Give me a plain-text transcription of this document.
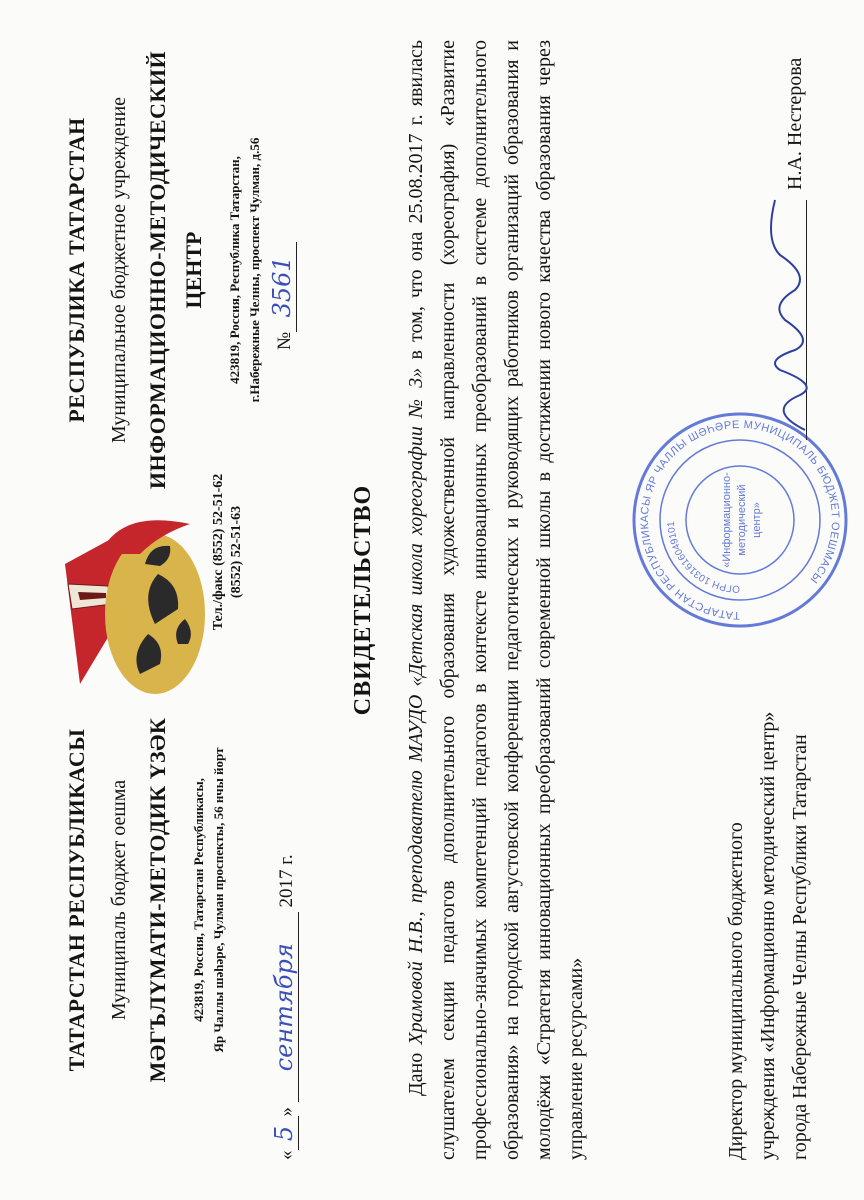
ТАТАРСТАН РЕСПУБЛИКАСЫ Муниципаль бюджет оешма МӘГЪЛҮМАТИ-МЕТОДИК ҮЗӘК 423819, Россия, Татарстан Республикасы, Яр Чаллы шәһәре, Чулман проспекты, 56 нчы йорт
Тел./факс (8552) 52-51-62 (8552) 52-51-63
РЕСПУБЛИКА ТАТАРСТАН Муниципальное бюджетное учреждение ИНФОРМАЦИОННО-МЕТОДИЧЕСКИЙ ЦЕНТР 423819, Россия, Республика Татарстан, г.Набережные Челны, проспект Чулман, д.56
«5» сентября 2017 г.
№3561
СВИДЕТЕЛЬСТВО

Дано Храмовой Н.В., преподавателю МАУДО «Детская школа хореографии № 3» в том, что она 25.08.2017 г. явилась слушателем секции педагогов дополнительного образования художественной направленности (хореография) «Развитие профессионально-значимых компетенций педагогов в контексте инновационных преобразований в системе дополнительного образования» на городской августовской конференции педагогических и руководящих работников организаций образования и молодёжи «Стратегия инновационных преобразований современной школы в достижении нового качества образования через управление ресурсами»

ТАТАРСТАН РЕСПУБЛИКАСЫ ЯР ЧАЛЛЫ ШӘҺӘРЕ МУНИЦИПАЛЬ БЮДЖЕТ ОЕШМАСЫ
ОГРН 1031616049101	«Информационно- методический центр»
Директор муниципального бюджетного учреждения «Информационно методический центр» города Набережные Челны Республики Татарстан
Н.А. Нестерова
